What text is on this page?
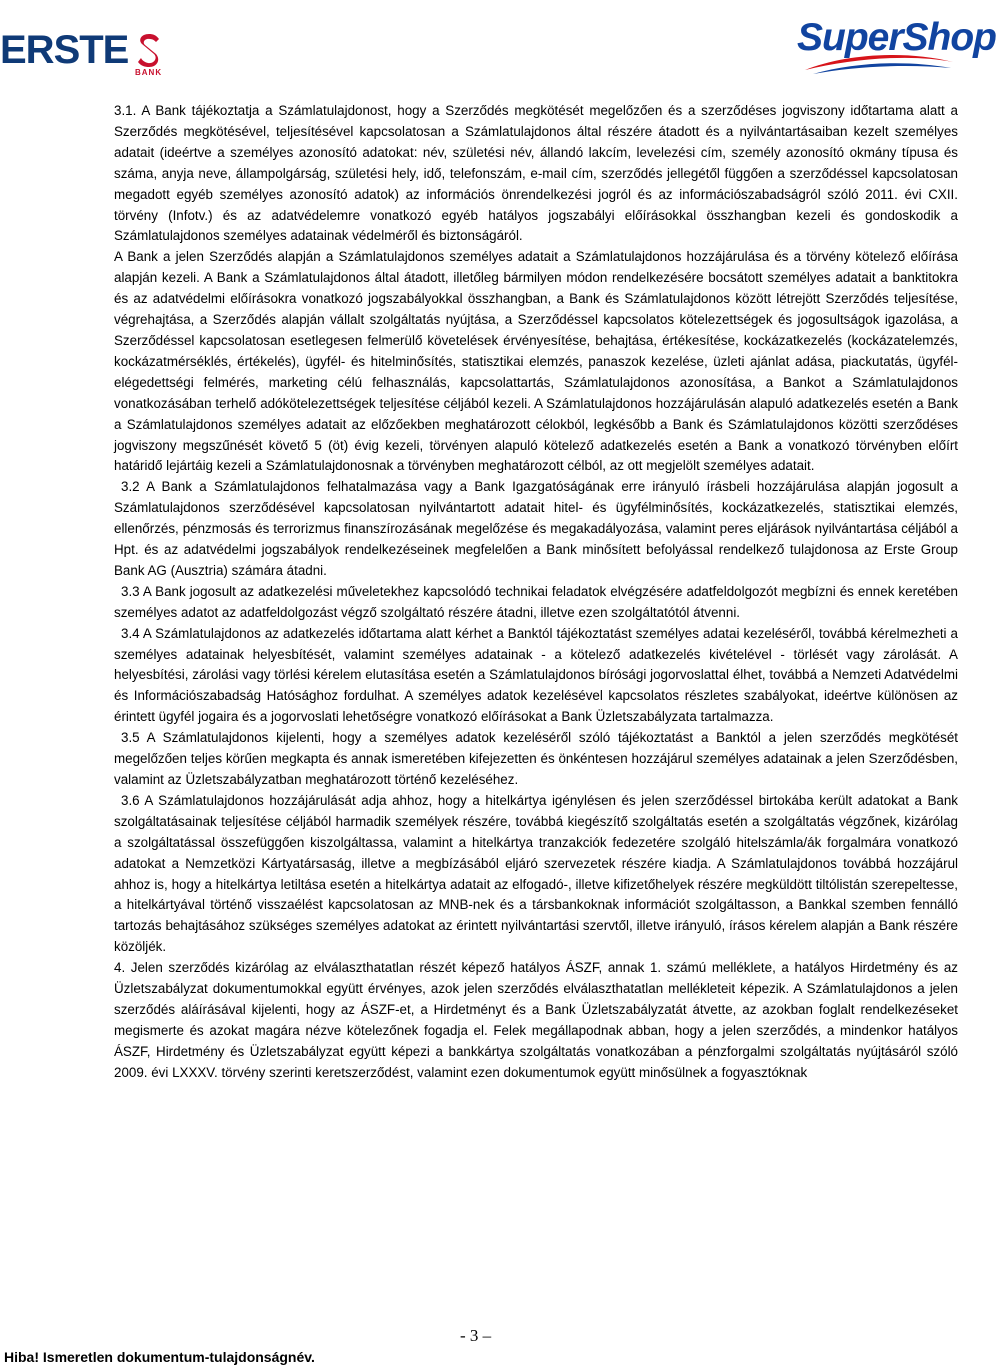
ERSTE
BANK
SuperShop

3.1. A Bank tájékoztatja a Számlatulajdonost, hogy a Szerződés megkötését megelőzően és a szerződéses jogviszony időtartama alatt a Szerződés megkötésével, teljesítésével kapcsolatosan a Számlatulajdonos által részére átadott és a nyilvántartásaiban kezelt személyes adatait (ideértve a személyes azonosító adatokat: név, születési név, állandó lakcím, levelezési cím, személy azonosító okmány típusa és száma, anyja neve, állampolgárság, születési hely, idő, telefonszám, e-mail cím, szerződés jellegétől függően a szerződéssel kapcsolatosan megadott egyéb személyes azonosító adatok) az információs önrendelkezési jogról és az információszabadságról szóló 2011. évi CXII. törvény (Infotv.) és az adatvédelemre vonatkozó egyéb hatályos jogszabályi előírásokkal összhangban kezeli és gondoskodik a Számlatulajdonos személyes adatainak védelméről és biztonságáról.

A Bank a jelen Szerződés alapján a Számlatulajdonos személyes adatait a Számlatulajdonos hozzájárulása és a törvény kötelező előírása alapján kezeli. A Bank a Számlatulajdonos által átadott, illetőleg bármilyen módon rendelkezésére bocsátott személyes adatait a banktitokra és az adatvédelmi előírásokra vonatkozó jogszabályokkal összhangban, a Bank és Számlatulajdonos között létrejött Szerződés teljesítése, végrehajtása, a Szerződés alapján vállalt szolgáltatás nyújtása, a Szerződéssel kapcsolatos kötelezettségek és jogosultságok igazolása, a Szerződéssel kapcsolatosan esetlegesen felmerülő követelések érvényesítése, behajtása, értékesítése, kockázatkezelés (kockázatelemzés, kockázatmérséklés, értékelés), ügyfél- és hitelminősítés, statisztikai elemzés, panaszok kezelése, üzleti ajánlat adása, piackutatás, ügyfél-elégedettségi felmérés, marketing célú felhasználás, kapcsolattartás, Számlatulajdonos azonosítása, a Bankot a Számlatulajdonos vonatkozásában terhelő adókötelezettségek teljesítése céljából kezeli. A Számlatulajdonos hozzájárulásán alapuló adatkezelés esetén a Bank a Számlatulajdonos személyes adatait az előzőekben meghatározott célokból, legkésőbb a Bank és Számlatulajdonos közötti szerződéses jogviszony megszűnését követő 5 (öt) évig kezeli, törvényen alapuló kötelező adatkezelés esetén a Bank a vonatkozó törvényben előírt határidő lejártáig kezeli a Számlatulajdonosnak a törvényben meghatározott célból, az ott megjelölt személyes adatait.

3.2 A Bank a Számlatulajdonos felhatalmazása vagy a Bank Igazgatóságának erre irányuló írásbeli hozzájárulása alapján jogosult a Számlatulajdonos szerződésével kapcsolatosan nyilvántartott adatait hitel- és ügyfélminősítés, kockázatkezelés, statisztikai elemzés, ellenőrzés, pénzmosás és terrorizmus finanszírozásának megelőzése és megakadályozása, valamint peres eljárások nyilvántartása céljából a Hpt. és az adatvédelmi jogszabályok rendelkezéseinek megfelelően a Bank minősített befolyással rendelkező tulajdonosa az Erste Group Bank AG (Ausztria) számára átadni.

3.3 A Bank jogosult az adatkezelési műveletekhez kapcsolódó technikai feladatok elvégzésére adatfeldolgozót megbízni és ennek keretében személyes adatot az adatfeldolgozást végző szolgáltató részére átadni, illetve ezen szolgáltatótól átvenni.

3.4 A Számlatulajdonos az adatkezelés időtartama alatt kérhet a Banktól tájékoztatást személyes adatai kezeléséről, továbbá kérelmezheti a személyes adatainak helyesbítését, valamint személyes adatainak - a kötelező adatkezelés kivételével - törlését vagy zárolását. A helyesbítési, zárolási vagy törlési kérelem elutasítása esetén a Számlatulajdonos bírósági jogorvoslattal élhet, továbbá a Nemzeti Adatvédelmi és Információszabadság Hatósághoz fordulhat. A személyes adatok kezelésével kapcsolatos részletes szabályokat, ideértve különösen az érintett ügyfél jogaira és a jogorvoslati lehetőségre vonatkozó előírásokat a Bank Üzletszabályzata tartalmazza.

3.5 A Számlatulajdonos kijelenti, hogy a személyes adatok kezeléséről szóló tájékoztatást a Banktól a jelen szerződés megkötését megelőzően teljes körűen megkapta és annak ismeretében kifejezetten és önkéntesen hozzájárul személyes adatainak a jelen Szerződésben, valamint az Üzletszabályzatban meghatározott történő kezeléséhez.

3.6 A Számlatulajdonos hozzájárulását adja ahhoz, hogy a hitelkártya igénylésen és jelen szerződéssel birtokába került adatokat a Bank szolgáltatásainak teljesítése céljából harmadik személyek részére, továbbá kiegészítő szolgáltatás esetén a szolgáltatás végzőnek, kizárólag a szolgáltatással összefüggően kiszolgáltassa, valamint a hitelkártya tranzakciók fedezetére szolgáló hitelszámla/ák forgalmára vonatkozó adatokat a Nemzetközi Kártyatársaság, illetve a megbízásából eljáró szervezetek részére kiadja. A Számlatulajdonos továbbá hozzájárul ahhoz is, hogy a hitelkártya letiltása esetén a hitelkártya adatait az elfogadó-, illetve kifizetőhelyek részére megküldött tiltólistán szerepeltesse, a hitelkártyával történő visszaélést kapcsolatosan az MNB-nek és a társbankoknak információt szolgáltasson, a Bankkal szemben fennálló tartozás behajtásához szükséges személyes adatokat az érintett nyilvántartási szervtől, illetve irányuló, írásos kérelem alapján a Bank részére közöljék.

4. Jelen szerződés kizárólag az elválaszthatatlan részét képező hatályos ÁSZF, annak 1. számú melléklete, a hatályos Hirdetmény és az Üzletszabályzat dokumentumokkal együtt érvényes, azok jelen szerződés elválaszthatatlan mellékleteit képezik. A Számlatulajdonos a jelen szerződés aláírásával kijelenti, hogy az ÁSZF-et, a Hirdetményt és a Bank Üzletszabályzatát átvette, az azokban foglalt rendelkezéseket megismerte és azokat magára nézve kötelezőnek fogadja el. Felek megállapodnak abban, hogy a jelen szerződés, a mindenkor hatályos ÁSZF, Hirdetmény és Üzletszabályzat együtt képezi a bankkártya szolgáltatás vonatkozában a pénzforgalmi szolgáltatás nyújtásáról szóló 2009. évi LXXXV. törvény szerinti keretszerződést, valamint ezen dokumentumok együtt minősülnek a fogyasztóknak

- 3 –
Hiba! Ismeretlen dokumentum-tulajdonságnév.
